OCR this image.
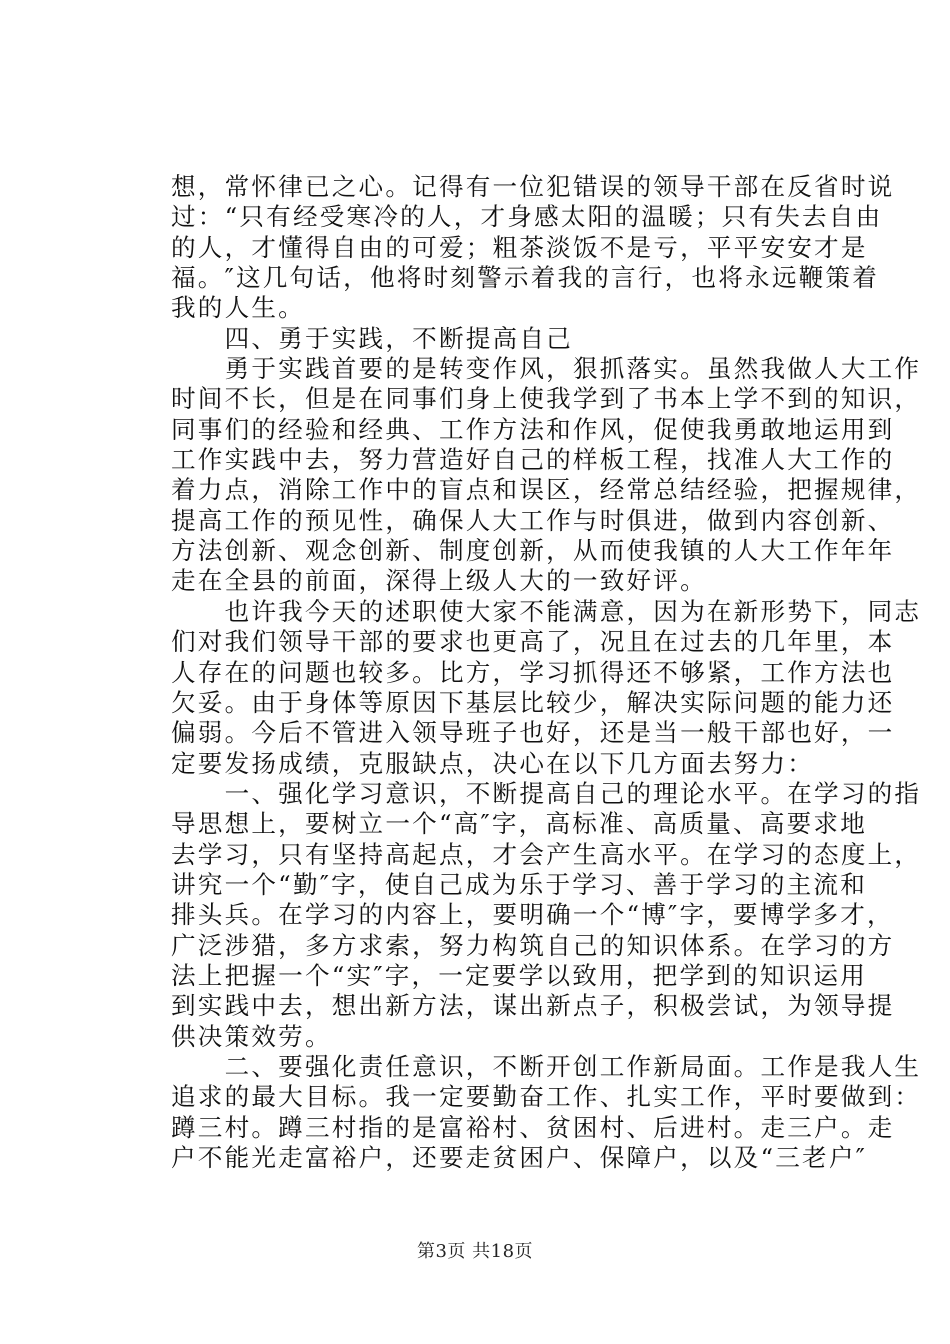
想，常怀律已之心。记得有一位犯错误的领导干部在反省时说
过：“只有经受寒冷的人，才身感太阳的温暖；只有失去自由
的人，才懂得自由的可爱；粗茶淡饭不是亏，平平安安才是
福。″这几句话，他将时刻警示着我的言行，也将永远鞭策着
我的人生。
　　四、勇于实践，不断提高自己
　　勇于实践首要的是转变作风，狠抓落实。虽然我做人大工作
时间不长，但是在同事们身上使我学到了书本上学不到的知识，
同事们的经验和经典、工作方法和作风，促使我勇敢地运用到
工作实践中去，努力营造好自己的样板工程，找准人大工作的
着力点，消除工作中的盲点和误区，经常总结经验，把握规律，
提高工作的预见性，确保人大工作与时俱进，做到内容创新、
方法创新、观念创新、制度创新，从而使我镇的人大工作年年
走在全县的前面，深得上级人大的一致好评。
　　也许我今天的述职使大家不能满意，因为在新形势下，同志
们对我们领导干部的要求也更高了，况且在过去的几年里，本
人存在的问题也较多。比方，学习抓得还不够紧，工作方法也
欠妥。由于身体等原因下基层比较少，解决实际问题的能力还
偏弱。今后不管进入领导班子也好，还是当一般干部也好，一
定要发扬成绩，克服缺点，决心在以下几方面去努力：
　　一、强化学习意识，不断提高自己的理论水平。在学习的指
导思想上，要树立一个“高″字，高标准、高质量、高要求地
去学习，只有坚持高起点，才会产生高水平。在学习的态度上，
讲究一个“勤″字，使自己成为乐于学习、善于学习的主流和
排头兵。在学习的内容上，要明确一个“博″字，要博学多才，
广泛涉猎，多方求索，努力构筑自己的知识体系。在学习的方
法上把握一个“实″字，一定要学以致用，把学到的知识运用
到实践中去，想出新方法，谋出新点子，积极尝试，为领导提
供决策效劳。
　　二、要强化责任意识，不断开创工作新局面。工作是我人生
追求的最大目标。我一定要勤奋工作、扎实工作，平时要做到：
蹲三村。蹲三村指的是富裕村、贫困村、后进村。走三户。走
户不能光走富裕户，还要走贫困户、保障户，以及“三老户″
第3页 共18页
